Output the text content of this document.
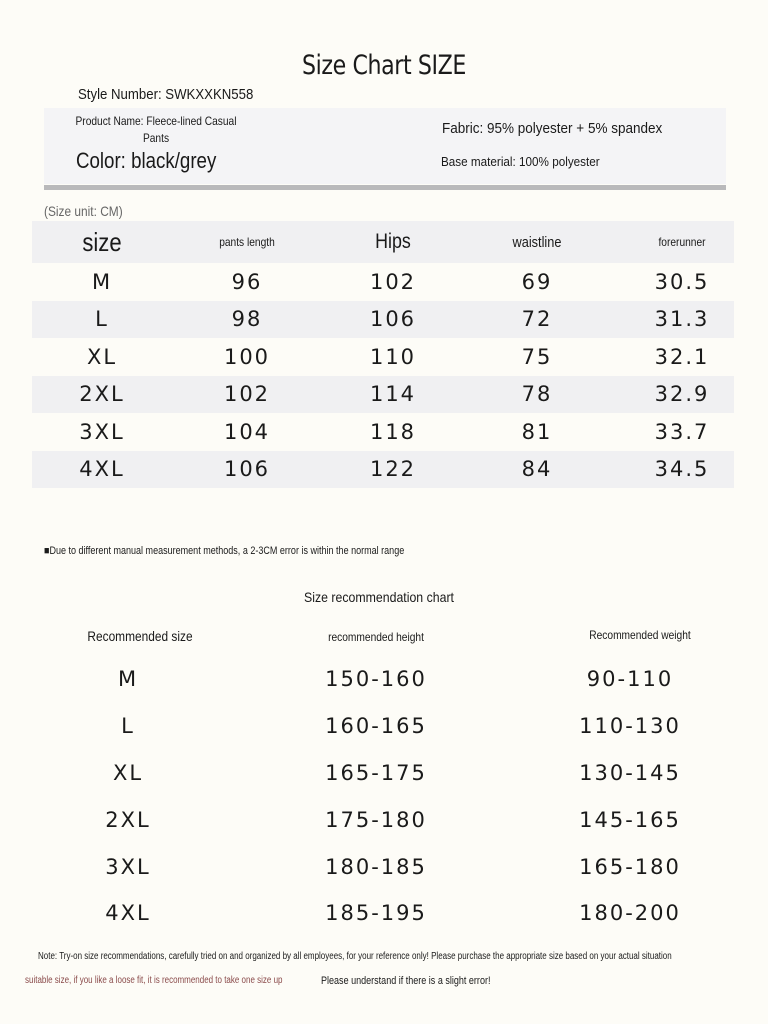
Size Chart SIZE
Style Number: SWKXXKN558
Product Name: Fleece-lined Casual Pants
Color: black/grey
Fabric: 95% polyester + 5% spandex
Base material: 100% polyester
(Size unit: CM)
size	pants length	Hips	waistline	forerunner
M	96	102	69	30.5
L	98	106	72	31.3
XL	100	110	75	32.1
2XL	102	114	78	32.9
3XL	104	118	81	33.7
4XL	106	122	84	34.5
■Due to different manual measurement methods, a 2-3CM error is within the normal range
Size recommendation chart
Recommended size	recommended height	Recommended weight
M	150-160	90-110
L	160-165	110-130
XL	165-175	130-145
2XL	175-180	145-165
3XL	180-185	165-180
4XL	185-195	180-200
Note: Try-on size recommendations, carefully tried on and organized by all employees, for your reference only! Please purchase the appropriate size based on your actual situation
suitable size, if you like a loose fit, it is recommended to take one size up	Please understand if there is a slight error!
